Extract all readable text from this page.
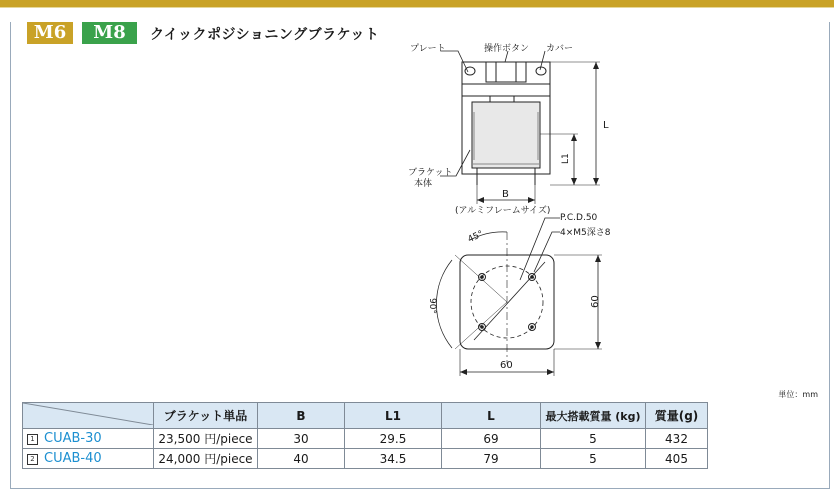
M6	M8	クイックポジショニングブラケット
プレート	操作ボタン カバー
L
L1
ブラケット
本体
B
(アルミフレームサイズ)
P.C.D.50
4×M5深さ8
45°
90°	60
60
単位：mm
	ブラケット単品	B	L1	L	最大搭載質量 (kg)	質量(g)
1 CUAB-30	23,500 円/piece	30	29.5	69	5	432
2 CUAB-40	24,000 円/piece	40	34.5	79	5	405
